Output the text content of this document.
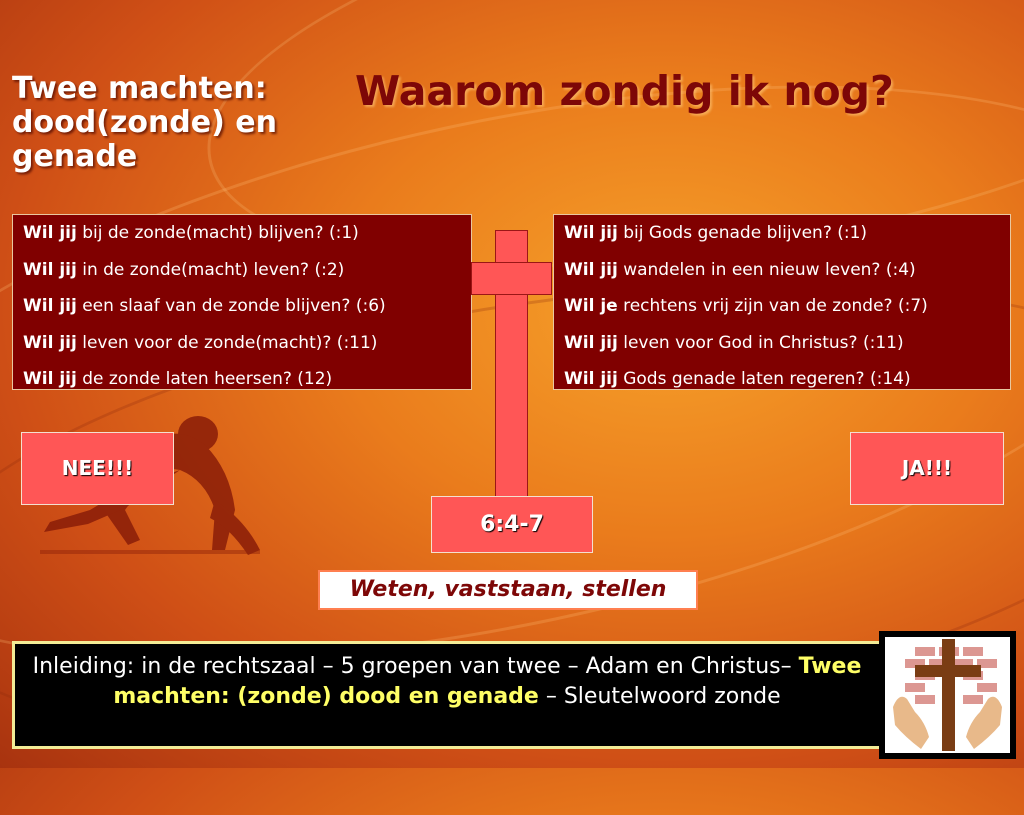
Twee machten: dood(zonde) en genade
Waarom zondig ik nog?
Wil jij bij de zonde(macht) blijven? (:1)
Wil jij in de zonde(macht) leven? (:2)
Wil jij een slaaf van de zonde blijven? (:6)
Wil jij leven voor de zonde(macht)? (:11)
Wil jij de zonde laten heersen? (12)
Wil jij bij Gods genade blijven? (:1)
Wil jij wandelen in een nieuw leven? (:4)
Wil je rechtens vrij zijn van de zonde? (:7)
Wil jij leven voor God in Christus? (:11)
Wil jij Gods genade laten regeren? (:14)
NEE!!!	JA!!!
6:4-7
Weten, vaststaan, stellen
Inleiding: in de rechtszaal – 5 groepen van twee – Adam en Christus– Twee machten: (zonde) dood en genade – Sleutelwoord zonde
